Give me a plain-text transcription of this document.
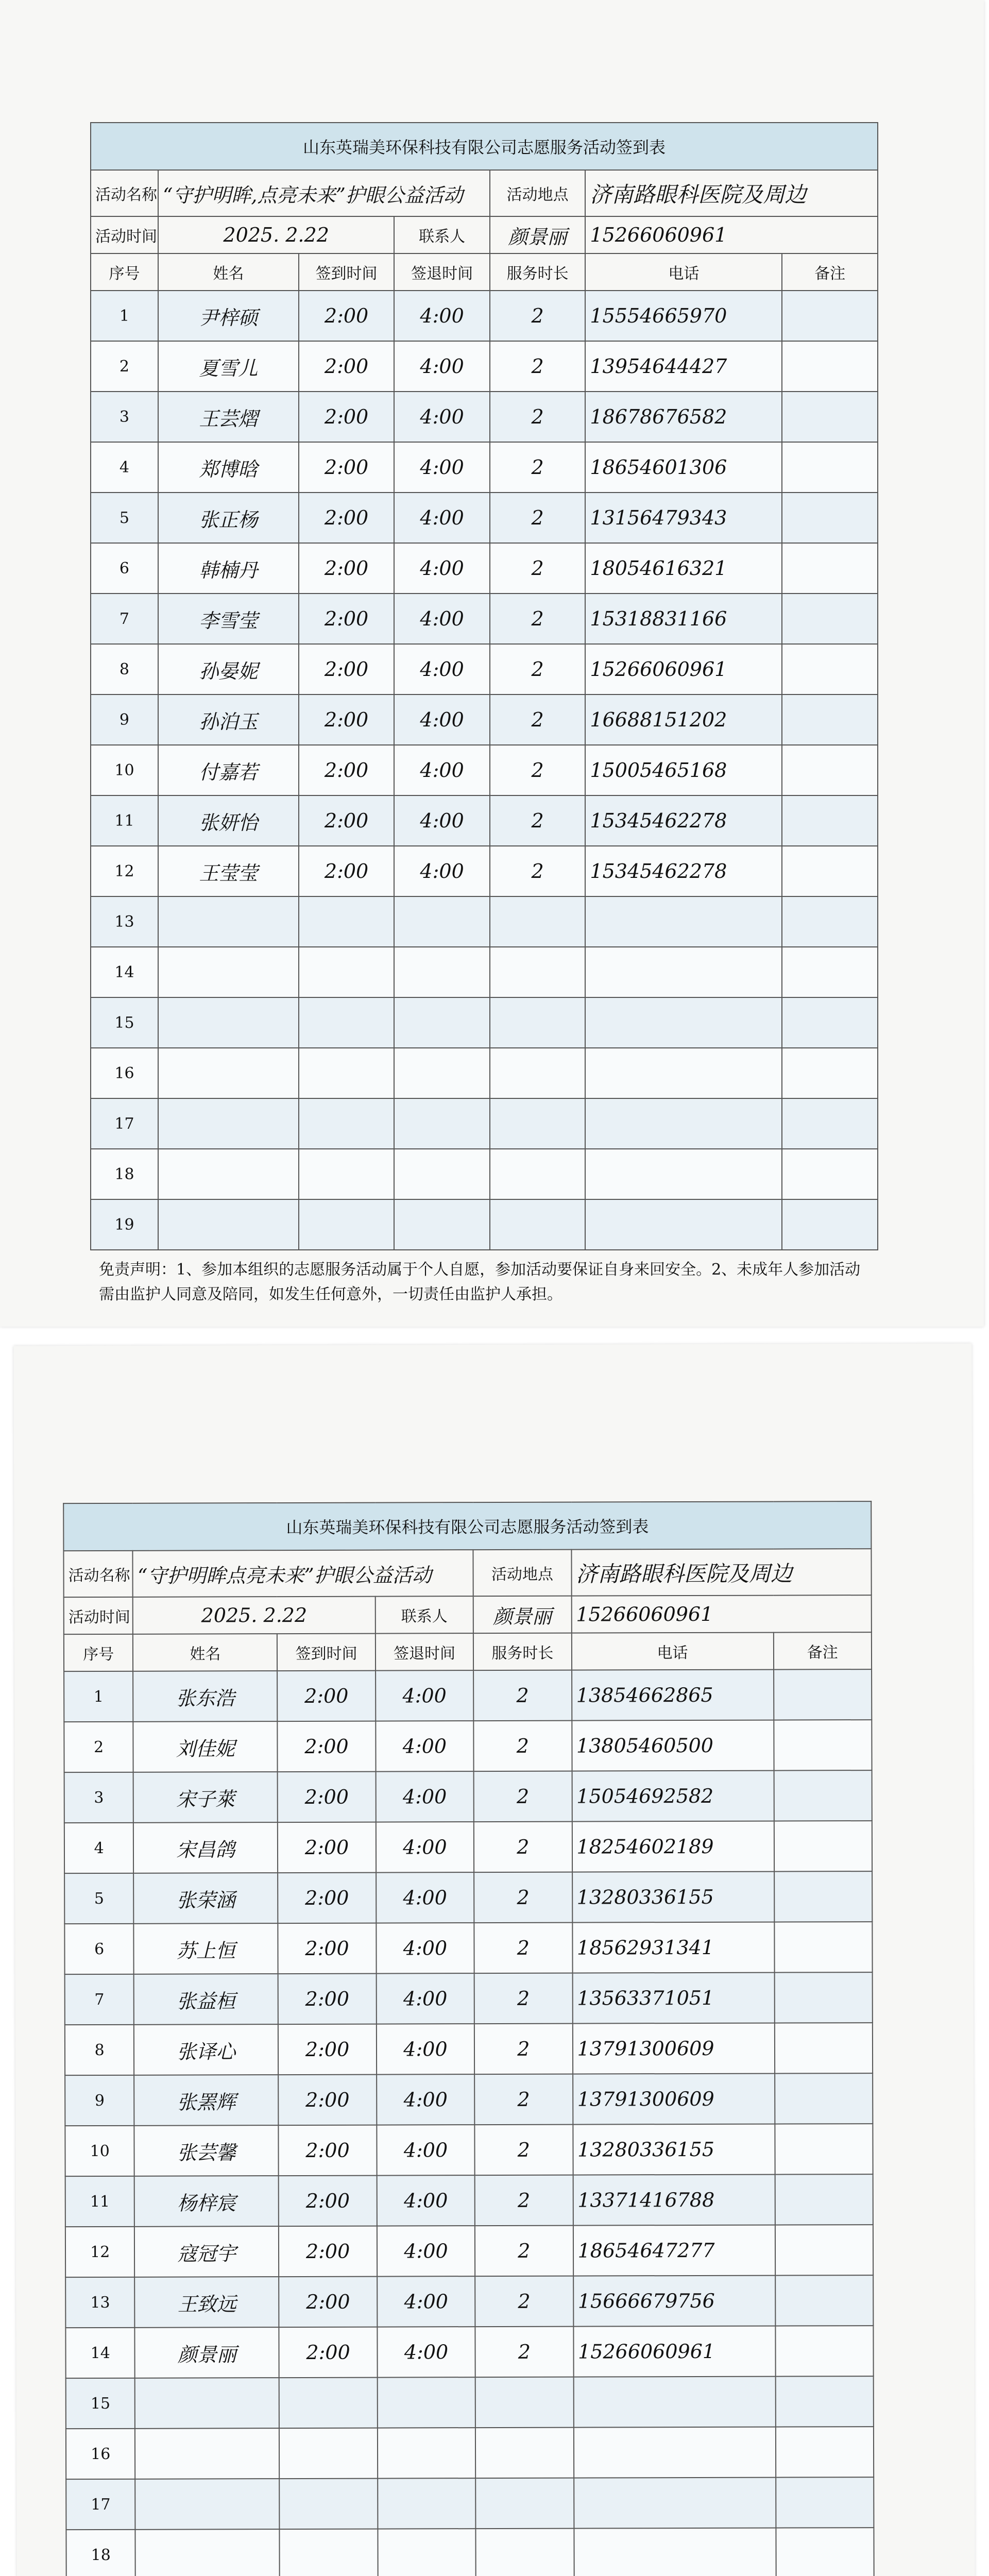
山东英瑞美环保科技有限公司志愿服务活动签到表						
活动名称	“守护明眸,点亮未来”护眼公益活动			活动地点	济南路眼科医院及周边	
活动时间	2025. 2.22		联系人	颜景丽	15266060961	
序号	姓名	签到时间	签退时间	服务时长	电话	备注
1	尹梓硕	2:00	4:00	2	15554665970	
2	夏雪儿	2:00	4:00	2	13954644427	
3	王芸熠	2:00	4:00	2	18678676582	
4	郑博晗	2:00	4:00	2	18654601306	
5	张正杨	2:00	4:00	2	13156479343	
6	韩楠丹	2:00	4:00	2	18054616321	
7	李雪莹	2:00	4:00	2	15318831166	
8	孙晏妮	2:00	4:00	2	15266060961	
9	孙泊玉	2:00	4:00	2	16688151202	
10	付嘉若	2:00	4:00	2	15005465168	
11	张妍怡	2:00	4:00	2	15345462278	
12	王莹莹	2:00	4:00	2	15345462278	
13						
14						
15						
16						
17						
18						
19						

免责声明：1、参加本组织的志愿服务活动属于个人自愿，参加活动要保证自身来回安全。2、未成年人参加活动需由监护人同意及陪同，如发生任何意外，一切责任由监护人承担。						
山东英瑞美环保科技有限公司志愿服务活动签到表						
活动名称	“守护明眸点亮未来”护眼公益活动			活动地点	济南路眼科医院及周边	
活动时间	2025. 2.22		联系人	颜景丽	15266060961	
序号	姓名	签到时间	签退时间	服务时长	电话	备注
1	张东浩	2:00	4:00	2	13854662865	
2	刘佳妮	2:00	4:00	2	13805460500	
3	宋子萊	2:00	4:00	2	15054692582	
4	宋昌鸽	2:00	4:00	2	18254602189	
5	张荣涵	2:00	4:00	2	13280336155	
6	苏上恒	2:00	4:00	2	18562931341	
7	张益桓	2:00	4:00	2	13563371051	
8	张译心	2:00	4:00	2	13791300609	
9	张罴辉	2:00	4:00	2	13791300609	
10	张芸馨	2:00	4:00	2	13280336155	
11	杨梓宸	2:00	4:00	2	13371416788	
12	寇冠宇	2:00	4:00	2	18654647277	
13	王致远	2:00	4:00	2	15666679756	
14	颜景丽	2:00	4:00	2	15266060961	
15						
16						
17						
18						
